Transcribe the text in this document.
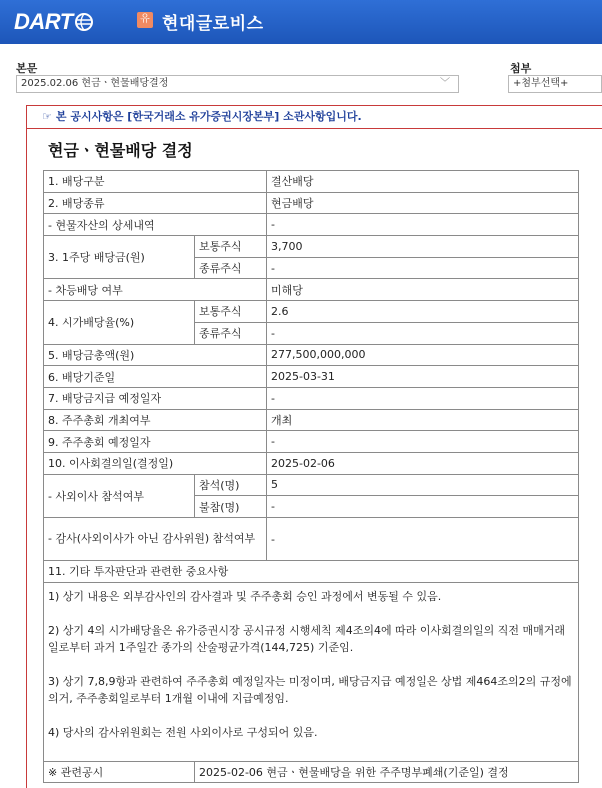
DART	유 현대글로비스
본문
2025.02.06 현금ㆍ현물배당결정	﹀
첨부
+첨부선택+
☞ 본 공시사항은 [한국거래소 유가증권시장본부] 소관사항입니다.
현금ㆍ현물배당 결정
1. 배당구분		결산배당
2. 배당종류		현금배당
- 현물자산의 상세내역		-
3. 1주당 배당금(원)	보통주식	3,700
	종류주식	-
- 차등배당 여부		미해당
4. 시가배당율(%)	보통주식	2.6
	종류주식	-
5. 배당금총액(원)		277,500,000,000
6. 배당기준일		2025-03-31
7. 배당금지급 예정일자		-
8. 주주총회 개최여부		개최
9. 주주총회 예정일자		-
10. 이사회결의일(결정일)		2025-02-06
- 사외이사 참석여부	참석(명)	5
	불참(명)	-
- 감사(사외이사가 아닌 감사위원) 참석여부		-
11. 기타 투자판단과 관련한 중요사항		

1) 상기 내용은 외부감사인의 감사결과 및 주주총회 승인 과정에서 변동될 수 있음.

2) 상기 4의 시가배당율은 유가증권시장 공시규정 시행세칙 제4조의4에 따라 이사회결의일의 직전 매매거래일로부터 과거 1주일간 종가의 산술평균가격(144,725) 기준임.

3) 상기 7,8,9항과 관련하여 주주총회 예정일자는 미정이며, 배당금지급 예정일은 상법 제464조의2의 규정에 의거, 주주총회일로부터 1개월 이내에 지급예정임.

4) 당사의 감사위원회는 전원 사외이사로 구성되어 있음.		

※ 관련공시	2025-02-06 현금ㆍ현물배당을 위한 주주명부폐쇄(기준일) 결정	
